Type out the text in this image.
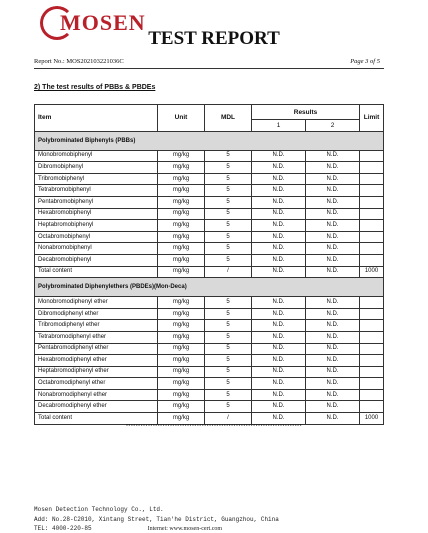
MOSEN
TEST REPORT
Report No.: MOS202103221036C	Page 3 of 5
2) The test results of PBBs & PBDEs
Item	Unit	MDL	Results		Limit
			1	2	
Polybrominated Biphenyls (PBBs)					
Monobromobiphenyl	mg/kg	5	N.D.	N.D.	
Dibromobiphenyl	mg/kg	5	N.D.	N.D.	
Tribromobiphenyl	mg/kg	5	N.D.	N.D.	
Tetrabromobiphenyl	mg/kg	5	N.D.	N.D.	
Pentabromobiphenyl	mg/kg	5	N.D.	N.D.	
Hexabromobiphenyl	mg/kg	5	N.D.	N.D.	
Heptabromobiphenyl	mg/kg	5	N.D.	N.D.	
Octabromobiphenyl	mg/kg	5	N.D.	N.D.	
Nonabromobiphenyl	mg/kg	5	N.D.	N.D.	
Decabromobiphenyl	mg/kg	5	N.D.	N.D.	
Total content	mg/kg	/	N.D.	N.D.	1000
Polybrominated Diphenylethers (PBDEs)(Mon-Deca)					
Monobromodiphenyl ether	mg/kg	5	N.D.	N.D.	
Dibromodiphenyl ether	mg/kg	5	N.D.	N.D.	
Tribromodiphenyl ether	mg/kg	5	N.D.	N.D.	
Tetrabromodiphenyl ether	mg/kg	5	N.D.	N.D.	
Pentabromodiphenyl ether	mg/kg	5	N.D.	N.D.	
Hexabromodiphenyl ether	mg/kg	5	N.D.	N.D.	
Heptabromodiphenyl ether	mg/kg	5	N.D.	N.D.	
Octabromodiphenyl ether	mg/kg	5	N.D.	N.D.	
Nonabromodiphenyl ether	mg/kg	5	N.D.	N.D.	
Decabromodiphenyl ether	mg/kg	5	N.D.	N.D.	
Total content	mg/kg	/	N.D.	N.D.	1000
************************************************************************
Mosen Detection Technology Co., Ltd.
Add: No.28-C2010, Xintang Street, Tian'he District, Guangzhou, China
TEL: 4000-220-85	Internet: www.mosen-cert.com
